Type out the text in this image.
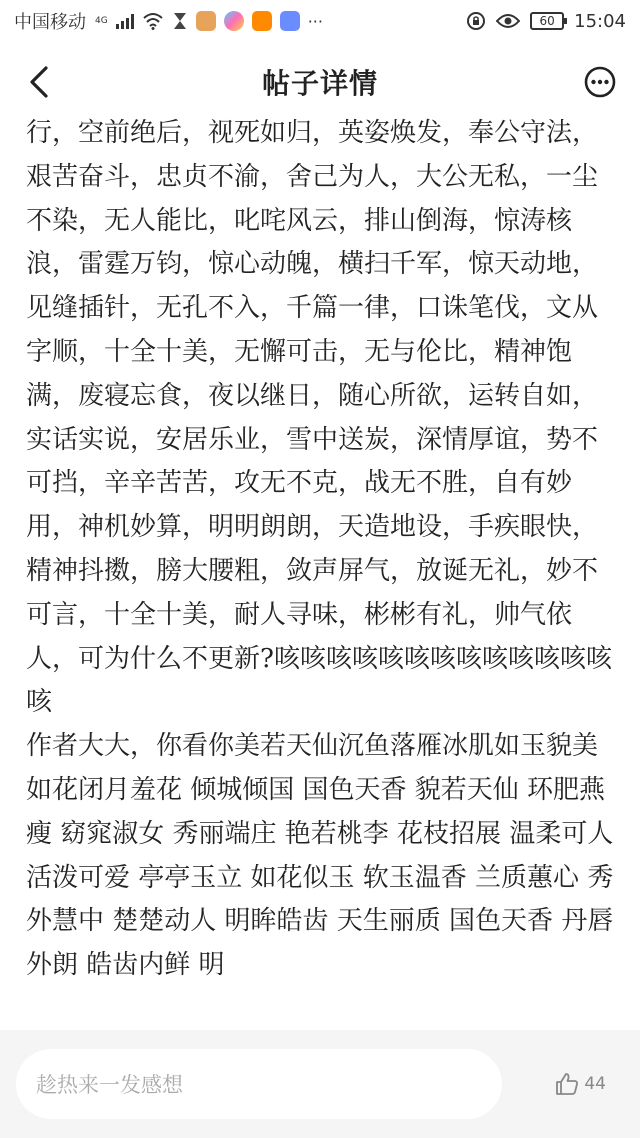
中国移动 4G	···	60	15:04
帖子详情

行，空前绝后，视死如归，英姿焕发，奉公守法，艰苦奋斗，忠贞不渝，舍己为人，大公无私，一尘不染，无人能比，叱咤风云，排山倒海，惊涛核浪，雷霆万钧，惊心动魄，横扫千军，惊天动地，见缝插针，无孔不入，千篇一律，口诛笔伐，文从字顺，十全十美，无懈可击，无与伦比，精神饱满，废寝忘食，夜以继日，随心所欲，运转自如，实话实说，安居乐业，雪中送炭，深情厚谊，势不可挡，辛辛苦苦，攻无不克，战无不胜，自有妙用，神机妙算，明明朗朗，天造地设，手疾眼快，精神抖擞，膀大腰粗，敛声屏气，放诞无礼，妙不可言，十全十美，耐人寻味，彬彬有礼，帅气依人，可为什么不更新?咳咳咳咳咳咳咳咳咳咳咳咳咳咳

作者大大，你看你美若天仙沉鱼落雁冰肌如玉貌美如花闭月羞花 倾城倾国 国色天香 貌若天仙 环肥燕瘦 窈窕淑女 秀丽端庄 艳若桃李 花枝招展 温柔可人 活泼可爱 亭亭玉立 如花似玉 软玉温香 兰质蕙心 秀外慧中 楚楚动人 明眸皓齿 天生丽质 国色天香 丹唇外朗 皓齿内鲜 明

趁热来一发感想	44
